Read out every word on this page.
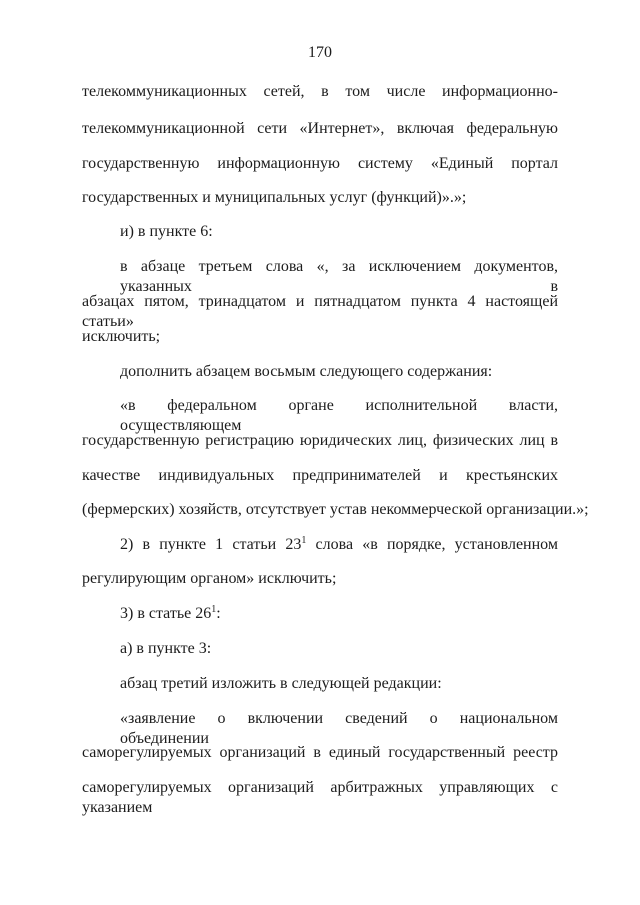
170
телекоммуникационных сетей, в том числе информационно-
телекоммуникационной сети «Интернет», включая федеральную
государственную информационную систему «Единый портал
государственных и муниципальных услуг (функций)».»;
и) в пункте 6:
в абзаце третьем слова «, за исключением документов, указанных в
абзацах пятом, тринадцатом и пятнадцатом пункта 4 настоящей статьи»
исключить;
дополнить абзацем восьмым следующего содержания:
«в федеральном органе исполнительной власти, осуществляющем
государственную регистрацию юридических лиц, физических лиц в
качестве индивидуальных предпринимателей и крестьянских
(фермерских) хозяйств, отсутствует устав некоммерческой организации.»;
2) в пункте 1 статьи $23^1$ слова «в порядке, установленном
регулирующим органом» исключить;
3) в статье $26^1$:
а) в пункте 3:
абзац третий изложить в следующей редакции:
«заявление о включении сведений о национальном объединении
саморегулируемых организаций в единый государственный реестр
саморегулируемых организаций арбитражных управляющих с указанием
